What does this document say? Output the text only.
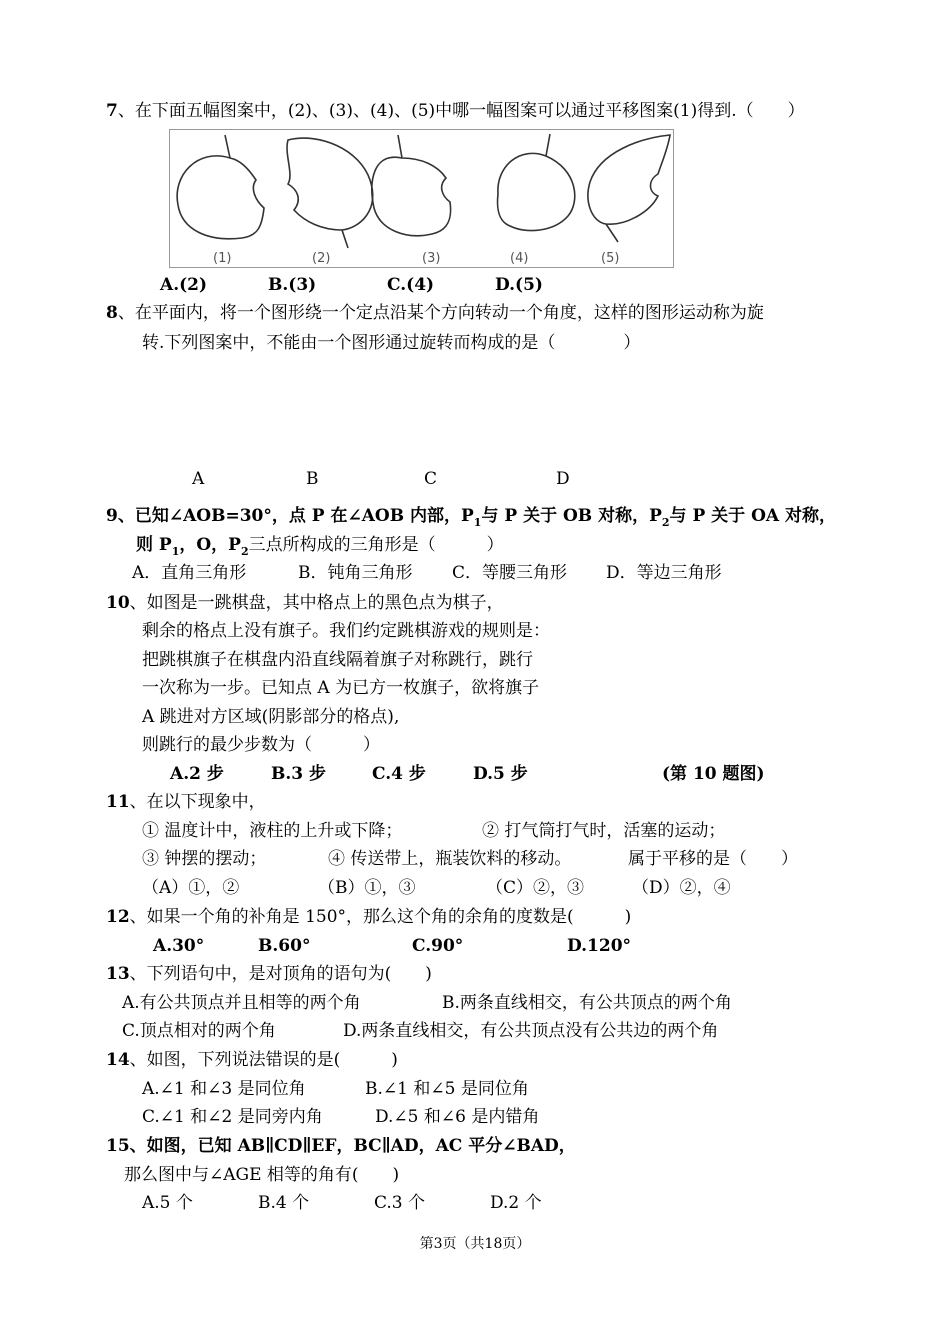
7、在下面五幅图案中，(2)、(3)、(4)、(5)中哪一幅图案可以通过平移图案(1)得到.（　　）
(1)	(2)	(3)	(4)	(5)
A.(2)	B.(3)	C.(4)	D.(5)
8、在平面内，将一个图形绕一个定点沿某个方向转动一个角度，这样的图形运动称为旋
转.下列图案中，不能由一个图形通过旋转而构成的是（　　　　）
A	B	C	D
9、已知∠AOB=30°，点 P 在∠AOB 内部，$P_1$与 P 关于 OB 对称，$P_2$与 P 关于 OA 对称，
则 $P_1$，O，$P_2$三点所构成的三角形是（　　　）
A．直角三角形	B．钝角三角形 C．等腰三角形 D．等边三角形
10、如图是一跳棋盘，其中格点上的黑色点为棋子，
剩余的格点上没有旗子。我们约定跳棋游戏的规则是：
把跳棋旗子在棋盘内沿直线隔着旗子对称跳行，跳行
一次称为一步。已知点 A 为已方一枚旗子，欲将旗子
A 跳进对方区域(阴影部分的格点),
则跳行的最少步数为（　　　）
A.2 步	B.3 步	C.4 步	D.5 步	(第 10 题图)
11、在以下现象中，
① 温度计中，液柱的上升或下降；	② 打气筒打气时，活塞的运动；
③ 钟摆的摆动；	④ 传送带上，瓶装饮料的移动。	属于平移的是（　　）
（A）①，②	（B）①，③	（C）②，③	（D）②，④
12、如果一个角的补角是 150°，那么这个角的余角的度数是(　　　)
A.30°	B.60°	C.90°	D.120°
13、下列语句中，是对顶角的语句为(　　)
A.有公共顶点并且相等的两个角	B.两条直线相交，有公共顶点的两个角
C.顶点相对的两个角	D.两条直线相交，有公共顶点没有公共边的两个角
14、如图，下列说法错误的是(　　　)
A.∠1 和∠3 是同位角	B.∠1 和∠5 是同位角
C.∠1 和∠2 是同旁内角	D.∠5 和∠6 是内错角
15、如图，已知 AB∥CD∥EF，BC∥AD，AC 平分∠BAD，
那么图中与∠AGE 相等的角有(　　)
A.5 个	B.4 个	C.3 个	D.2 个
第3页（共18页）
